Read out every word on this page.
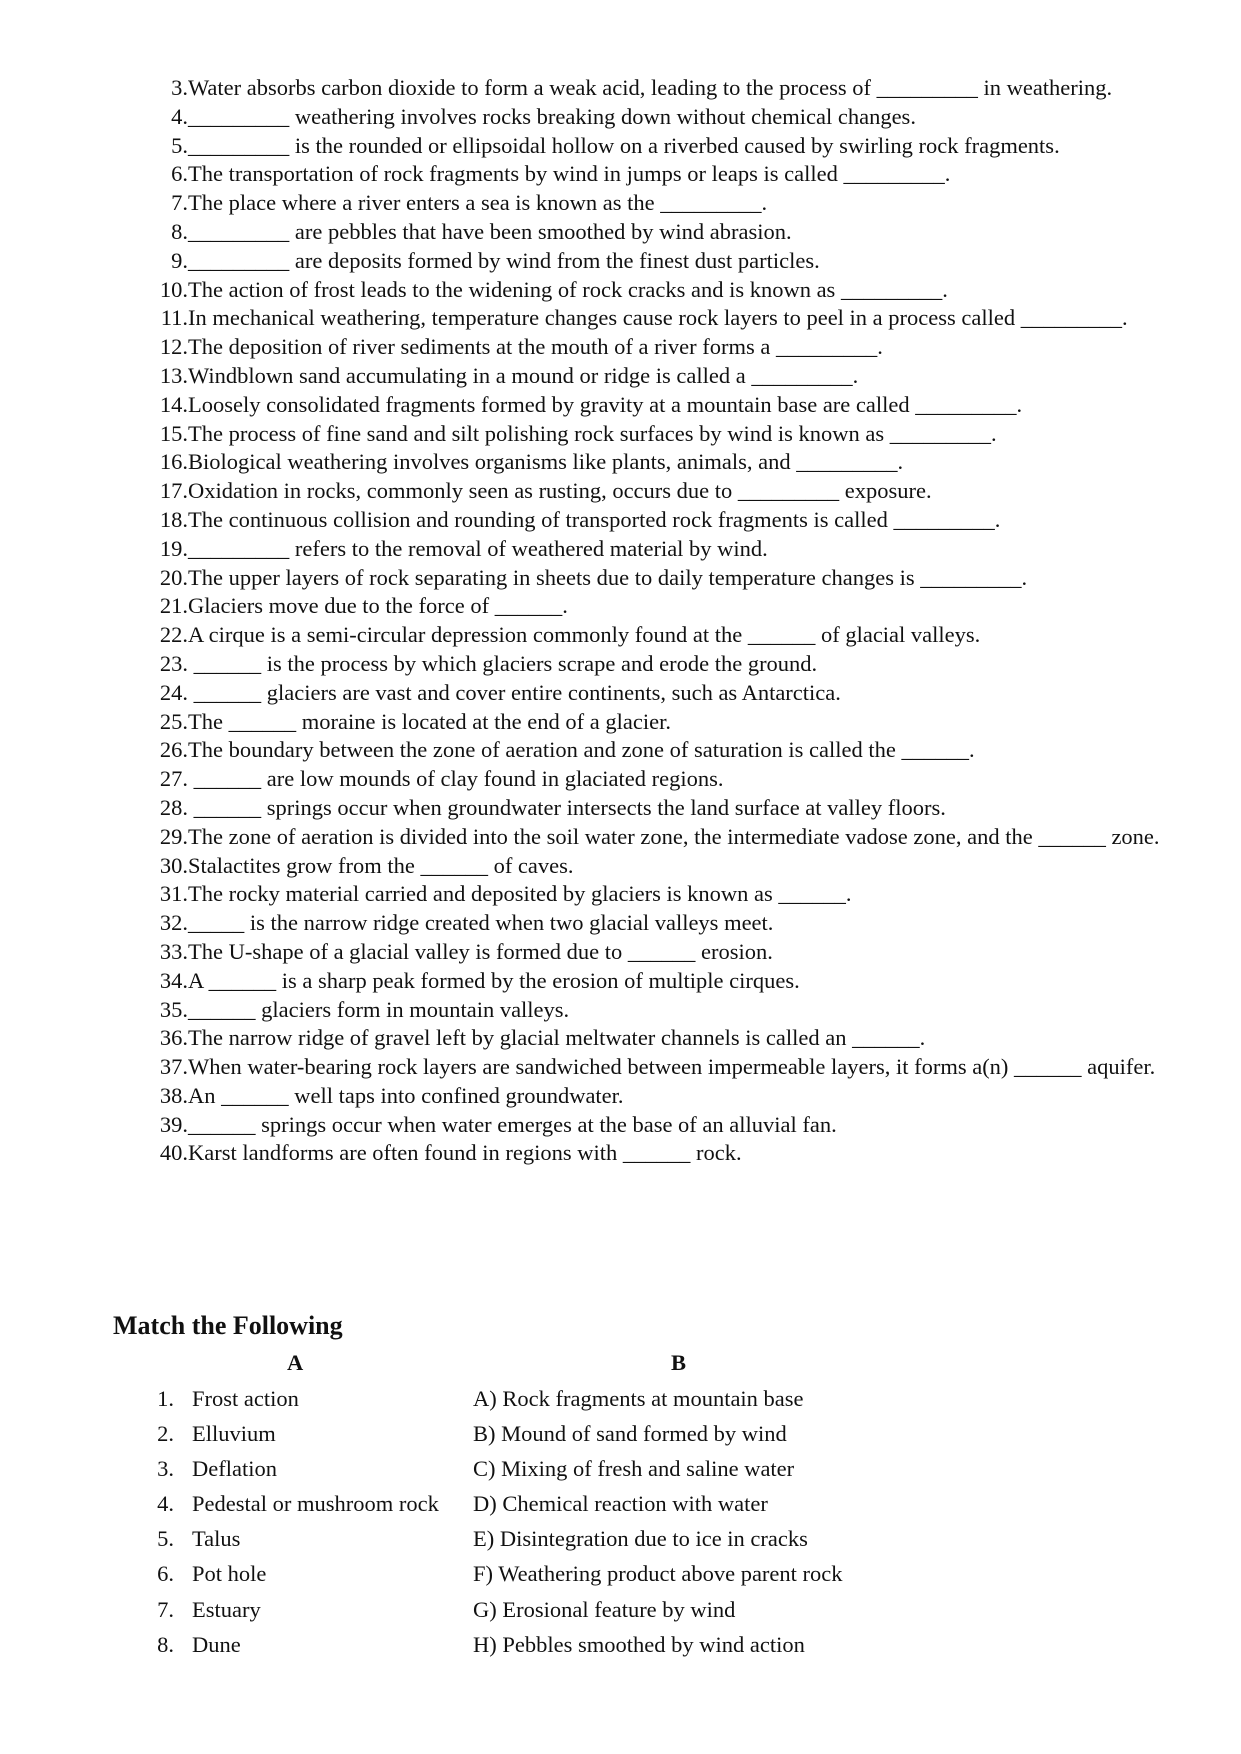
3. Water absorbs carbon dioxide to form a weak acid, leading to the process of _________ in weathering.
4. _________ weathering involves rocks breaking down without chemical changes.
5. _________ is the rounded or ellipsoidal hollow on a riverbed caused by swirling rock fragments.
6. The transportation of rock fragments by wind in jumps or leaps is called _________.
7. The place where a river enters a sea is known as the _________.
8. _________ are pebbles that have been smoothed by wind abrasion.
9. _________ are deposits formed by wind from the finest dust particles.
10. The action of frost leads to the widening of rock cracks and is known as _________.
11. In mechanical weathering, temperature changes cause rock layers to peel in a process called _________.
12. The deposition of river sediments at the mouth of a river forms a _________.
13. Windblown sand accumulating in a mound or ridge is called a _________.
14. Loosely consolidated fragments formed by gravity at a mountain base are called _________.
15. The process of fine sand and silt polishing rock surfaces by wind is known as _________.
16. Biological weathering involves organisms like plants, animals, and _________.
17. Oxidation in rocks, commonly seen as rusting, occurs due to _________ exposure.
18. The continuous collision and rounding of transported rock fragments is called _________.
19. _________ refers to the removal of weathered material by wind.
20. The upper layers of rock separating in sheets due to daily temperature changes is _________.
21. Glaciers move due to the force of ______.
22. A cirque is a semi-circular depression commonly found at the ______ of glacial valleys.
23. ______ is the process by which glaciers scrape and erode the ground.
24. ______ glaciers are vast and cover entire continents, such as Antarctica.
25. The ______ moraine is located at the end of a glacier.
26. The boundary between the zone of aeration and zone of saturation is called the ______.
27. ______ are low mounds of clay found in glaciated regions.
28. ______ springs occur when groundwater intersects the land surface at valley floors.
29. The zone of aeration is divided into the soil water zone, the intermediate vadose zone, and the ______ zone.
30. Stalactites grow from the ______ of caves.
31. The rocky material carried and deposited by glaciers is known as ______.
32. _____ is the narrow ridge created when two glacial valleys meet.
33. The U-shape of a glacial valley is formed due to ______ erosion.
34. A ______ is a sharp peak formed by the erosion of multiple cirques.
35. ______ glaciers form in mountain valleys.
36. The narrow ridge of gravel left by glacial meltwater channels is called an ______.
37. When water-bearing rock layers are sandwiched between impermeable layers, it forms a(n) ______ aquifer.
38. An ______ well taps into confined groundwater.
39. ______ springs occur when water emerges at the base of an alluvial fan.
40. Karst landforms are often found in regions with ______ rock.
Match the Following
A	B
1. Frost action	A) Rock fragments at mountain base
2. Elluvium	B) Mound of sand formed by wind
3. Deflation	C) Mixing of fresh and saline water
4. Pedestal or mushroom rock D) Chemical reaction with water
5. Talus	E) Disintegration due to ice in cracks
6. Pot hole	F) Weathering product above parent rock
7. Estuary	G) Erosional feature by wind
8. Dune	H) Pebbles smoothed by wind action
